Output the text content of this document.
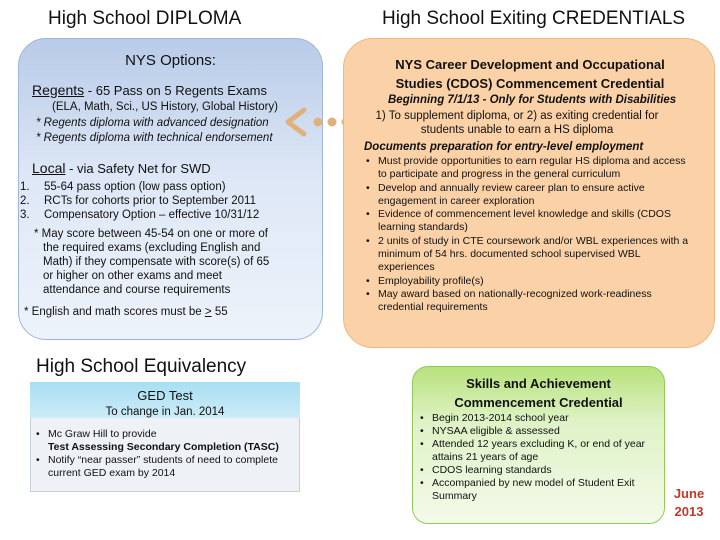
High School DIPLOMA	High School Exiting CREDENTIALS
NYS Options:
Regents - 65 Pass on 5 Regents Exams
(ELA, Math, Sci., US History, Global History)
* Regents diploma with advanced designation
* Regents diploma with technical endorsement
Local - via Safety Net for SWD
1.	55-64 pass option (low pass option)
2.	RCTs for cohorts prior to September 2011
3.	Compensatory Option – effective 10/31/12
* May score between 45-54 on one or more of the required exams (excluding English and Math) if they compensate with score(s) of 65 or higher on other exams and meet attendance and course requirements
* English and math scores must be > 55
NYS Career Development and Occupational Studies (CDOS) Commencement Credential
Beginning 7/1/13 - Only for Students with Disabilities
1) To supplement diploma, or 2) as exiting credential for students unable to earn a HS diploma
Documents preparation for entry-level employment
• Must provide opportunities to earn regular HS diploma and access to participate and progress in the general curriculum
• Develop and annually review career plan to ensure active engagement in career exploration
• Evidence of commencement level knowledge and skills (CDOS learning standards)
• 2 units of study in CTE coursework and/or WBL experiences with a minimum of 54 hrs. documented school supervised WBL experiences
• Employability profile(s)
• May award based on nationally-recognized work-readiness credential requirements
High School Equivalency
GED Test
To change in Jan. 2014
• Mc Graw Hill to provide
Test Assessing Secondary Completion (TASC)
• Notify “near passer” students of need to complete current GED exam by 2014
Skills and Achievement Commencement Credential
• Begin 2013-2014 school year
• NYSAA eligible & assessed
• Attended 12 years excluding K, or end of year attains 21 years of age
• CDOS learning standards
• Accompanied by new model of Student Exit Summary	June
2013
